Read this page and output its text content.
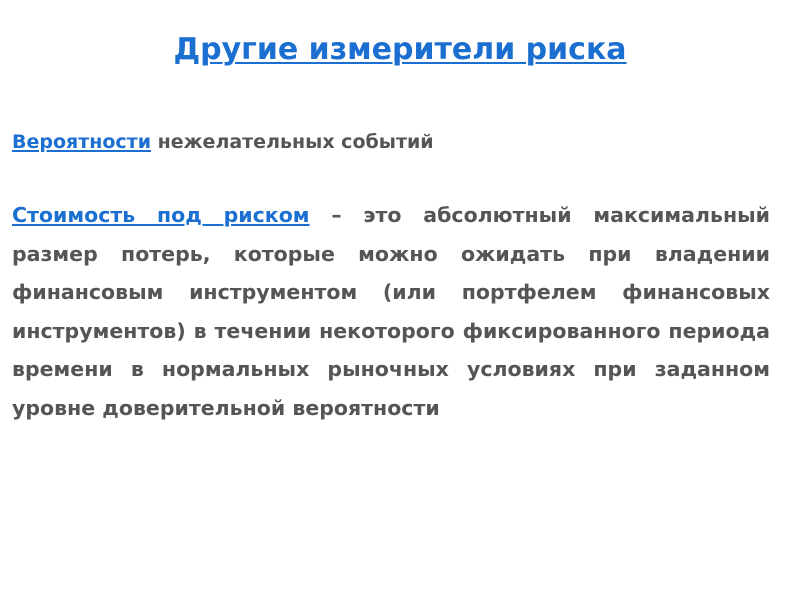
Другие измерители риска
Вероятности нежелательных событий
Стоимость под риском – это абсолютный максимальный размер потерь, которые можно ожидать при владении финансовым инструментом (или портфелем финансовых инструментов) в течении некоторого фиксированного периода времени в нормальных рыночных условиях при заданном уровне доверительной вероятности
